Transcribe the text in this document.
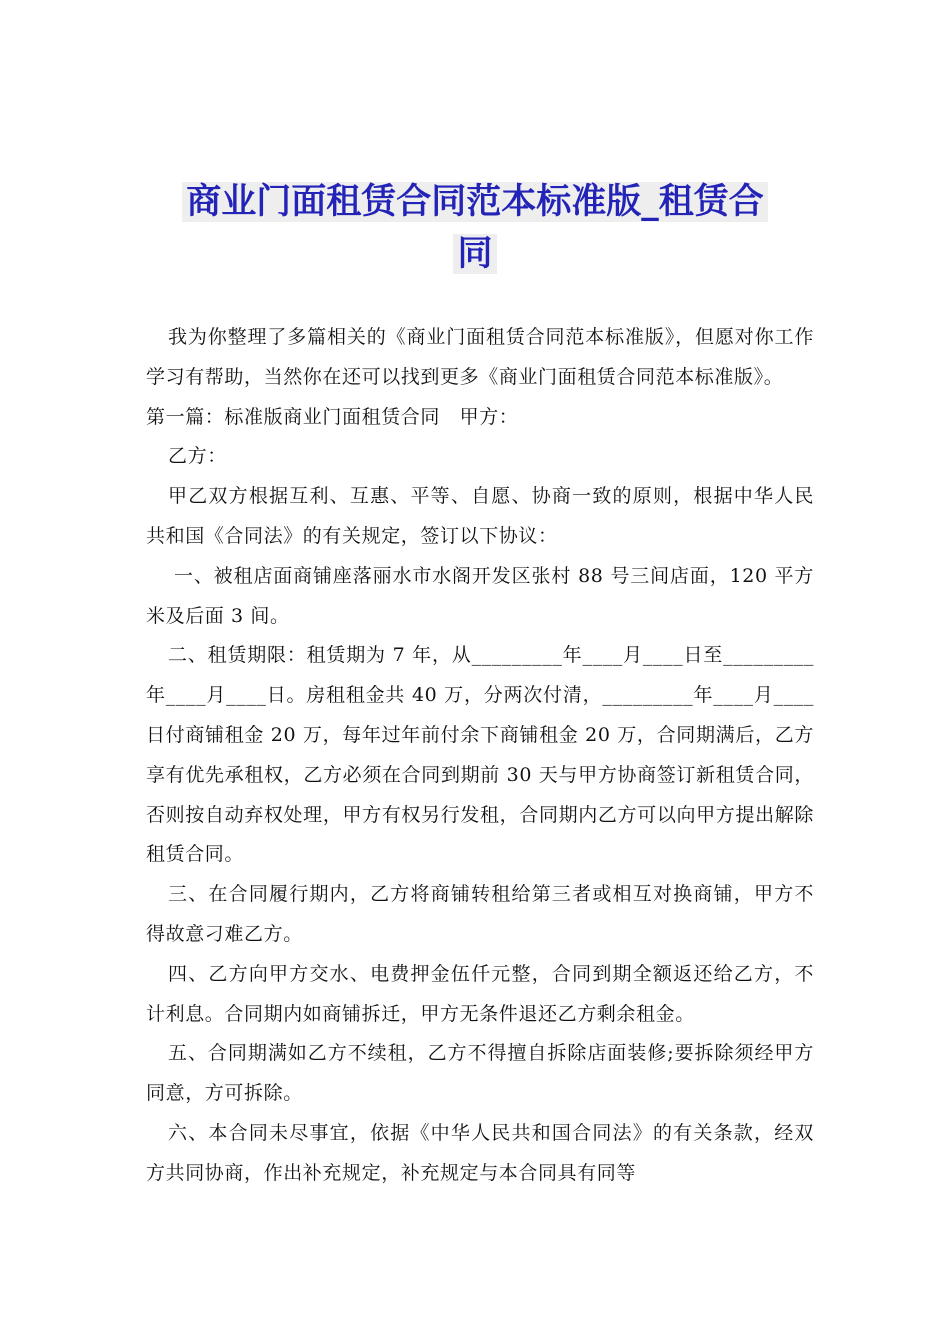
商业门面租赁合同范本标准版_租赁合
同

我为你整理了多篇相关的《商业门面租赁合同范本标准版》，但愿对你工作学习有帮助，当然你在还可以找到更多《商业门面租赁合同范本标准版》。

第一篇：标准版商业门面租赁合同　甲方：

乙方：

甲乙双方根据互利、互惠、平等、自愿、协商一致的原则，根据中华人民共和国《合同法》的有关规定，签订以下协议：

一、被租店面商铺座落丽水市水阁开发区张村 88 号三间店面，120 平方米及后面 3 间。

二、租赁期限：租赁期为 7 年，从_________年____月____日至_________年____月____日。房租租金共 40 万，分两次付清，_________年____月____日付商铺租金 20 万，每年过年前付余下商铺租金 20 万，合同期满后，乙方享有优先承租权，乙方必须在合同到期前 30 天与甲方协商签订新租赁合同，否则按自动弃权处理，甲方有权另行发租，合同期内乙方可以向甲方提出解除租赁合同。

三、在合同履行期内，乙方将商铺转租给第三者或相互对换商铺，甲方不得故意刁难乙方。

四、乙方向甲方交水、电费押金伍仟元整，合同到期全额返还给乙方，不计利息。合同期内如商铺拆迁，甲方无条件退还乙方剩余租金。

五、合同期满如乙方不续租，乙方不得擅自拆除店面装修;要拆除须经甲方同意，方可拆除。

六、本合同未尽事宜，依据《中华人民共和国合同法》的有关条款，经双方共同协商，作出补充规定，补充规定与本合同具有同等
